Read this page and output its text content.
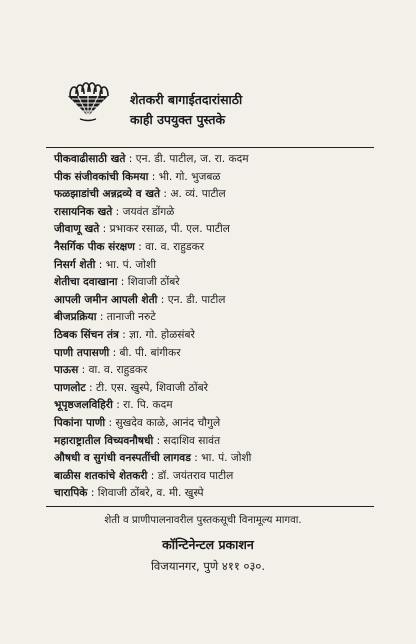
शेतकरी बागाईतदारांसाठी
काही उपयुक्त पुस्तके
पीकवाढीसाठी खते : एन. डी. पाटील, ज. रा. कदम
पीक संजीवकांची किमया : भी. गो. भुजबळ
फळझाडांची अन्नद्रव्ये व खते : अ. व्यं. पाटील
रासायनिक खते : जयवंत डोंगळे
जीवाणू खते : प्रभाकर रसाळ, पी. एल. पाटील
नैसर्गिक पीक संरक्षण : वा. व. राहुडकर
निसर्ग शेती : भा. पं. जोशी
शेतीचा दवाखाना : शिवाजी ठोंबरे
आपली जमीन आपली शेती : एन. डी. पाटील
बीजप्रक्रिया : तानाजी नरुटे
ठिबक सिंचन तंत्र : ज्ञा. गो. होळसंबरे
पाणी तपासणी : बी. पी. बांगीकर
पाऊस : वा. व. राहुडकर
पाणलोट : टी. एस. खुस्पे, शिवाजी ठोंबरे
भूपृष्ठजलविहिरी : रा. पि. कदम
पिकांना पाणी : सुखदेव काळे, आनंद चौगुले
महाराष्ट्रातील विच्यवनौषधी : सदाशिव सावंत
औषधी व सुगंधी वनस्पतींची लागवड : भा. पं. जोशी
बाळीस शतकांचे शेतकरी : डॉ. जयंतराव पाटील
चारापिके : शिवाजी ठोंबरे, व. मी. खुस्पे
शेती व प्राणीपालनावरील पुस्तकसूची विनामूल्य मागवा.
कॉन्टिनेन्टल प्रकाशन
विजयानगर, पुणे ४११ ०३०.
